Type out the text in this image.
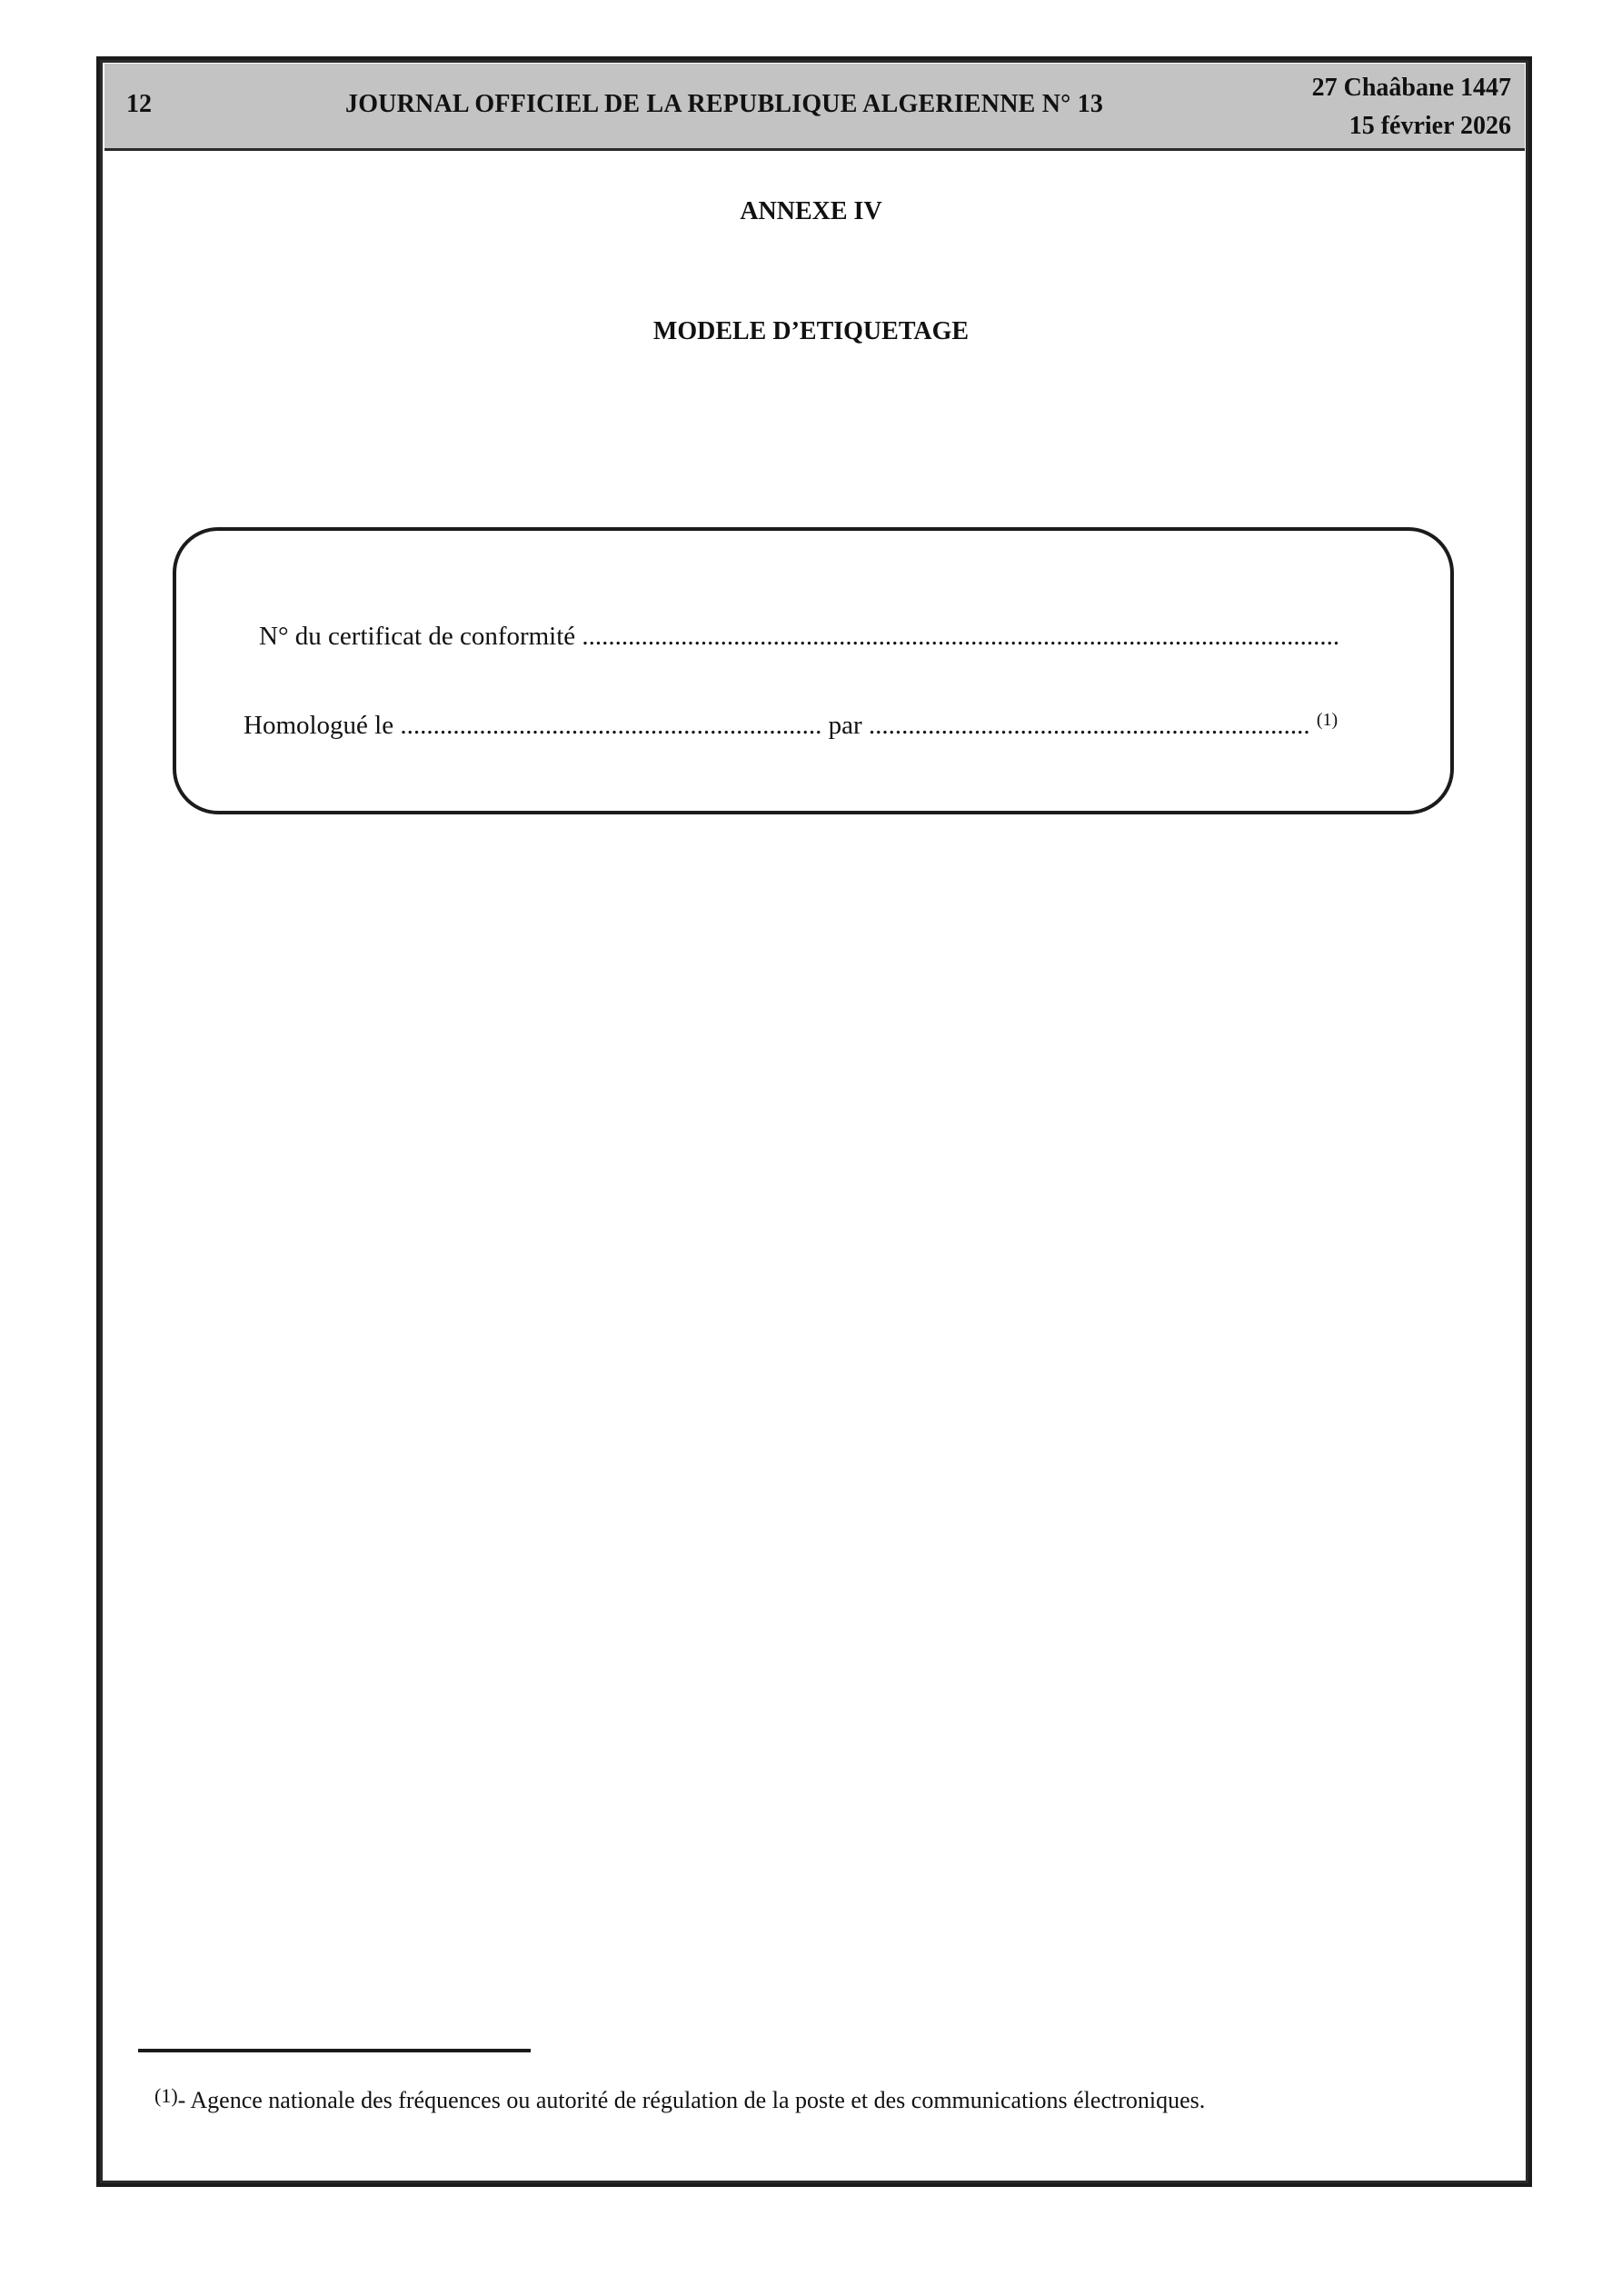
12	JOURNAL OFFICIEL DE LA REPUBLIQUE ALGERIENNE N° 13
27 Chaâbane 1447
15 février 2026
ANNEXE IV
MODELE D’ETIQUETAGE
N° du certificat de conformité ...................................................................................................................
Homologué le ................................................................ par ................................................................... $^{(1)}$
$^{(1)}$- Agence nationale des fréquences ou autorité de régulation de la poste et des communications électroniques.
